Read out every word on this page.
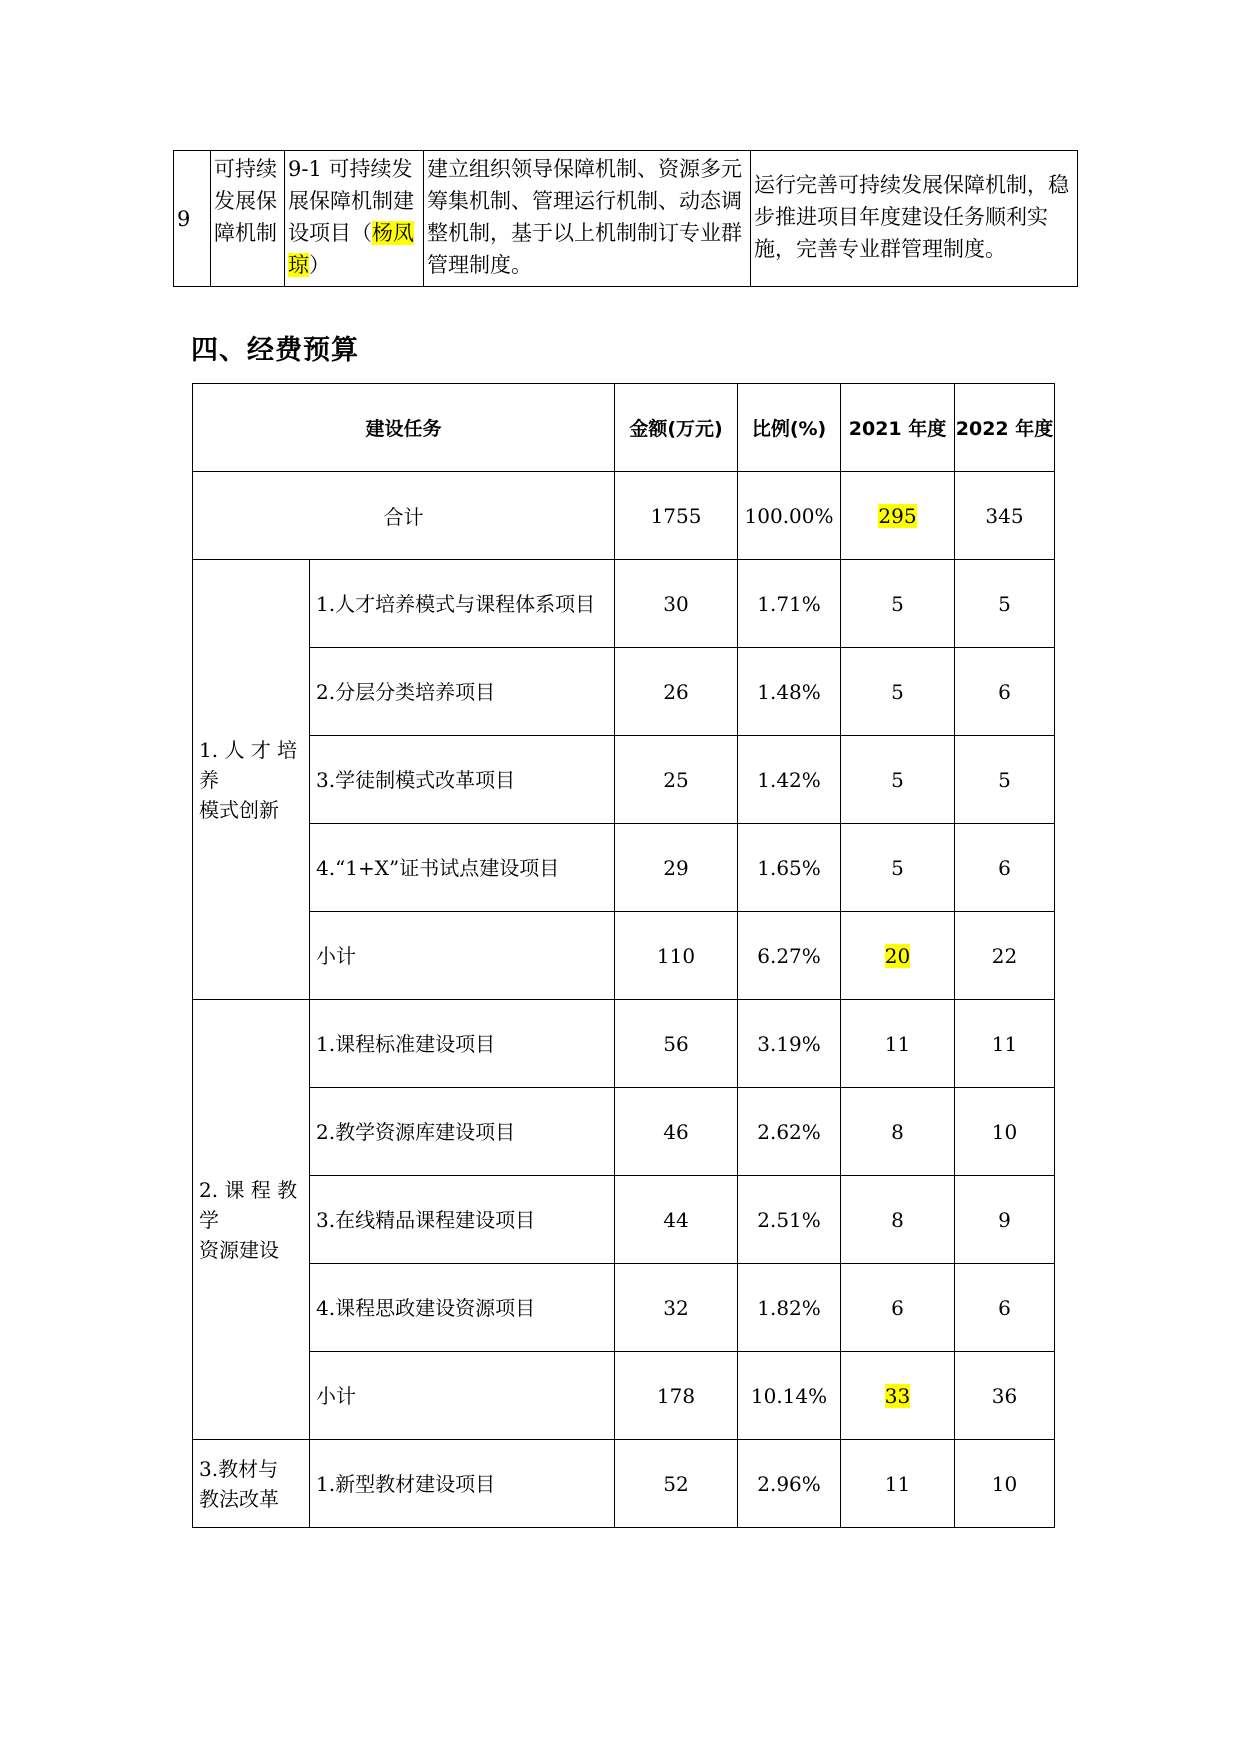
9	可持续发展保障机制	9-1 可持续发展保障机制建设项目（杨凤琼）	建立组织领导保障机制、资源多元筹集机制、管理运行机制、动态调整机制，基于以上机制制订专业群管理制度。	运行完善可持续发展保障机制，稳步推进项目年度建设任务顺利实施，完善专业群管理制度。
四、经费预算
建设任务		金额(万元)	比例(%)	2021 年度	2022 年度
合计		1755	100.00%	295	345
1. 人 才 培养
模式创新	1.人才培养模式与课程体系项目	30	1.71%	5	5
	2.分层分类培养项目	26	1.48%	5	6
	3.学徒制模式改革项目	25	1.42%	5	5
	4.“1+X”证书试点建设项目	29	1.65%	5	6
	小计	110	6.27%	20	22
2. 课 程 教学
资源建设	1.课程标准建设项目	56	3.19%	11	11
	2.教学资源库建设项目	46	2.62%	8	10
	3.在线精品课程建设项目	44	2.51%	8	9
	4.课程思政建设资源项目	32	1.82%	6	6
	小计	178	10.14%	33	36
3.教材与
教法改革	1.新型教材建设项目	52	2.96%	11	10
